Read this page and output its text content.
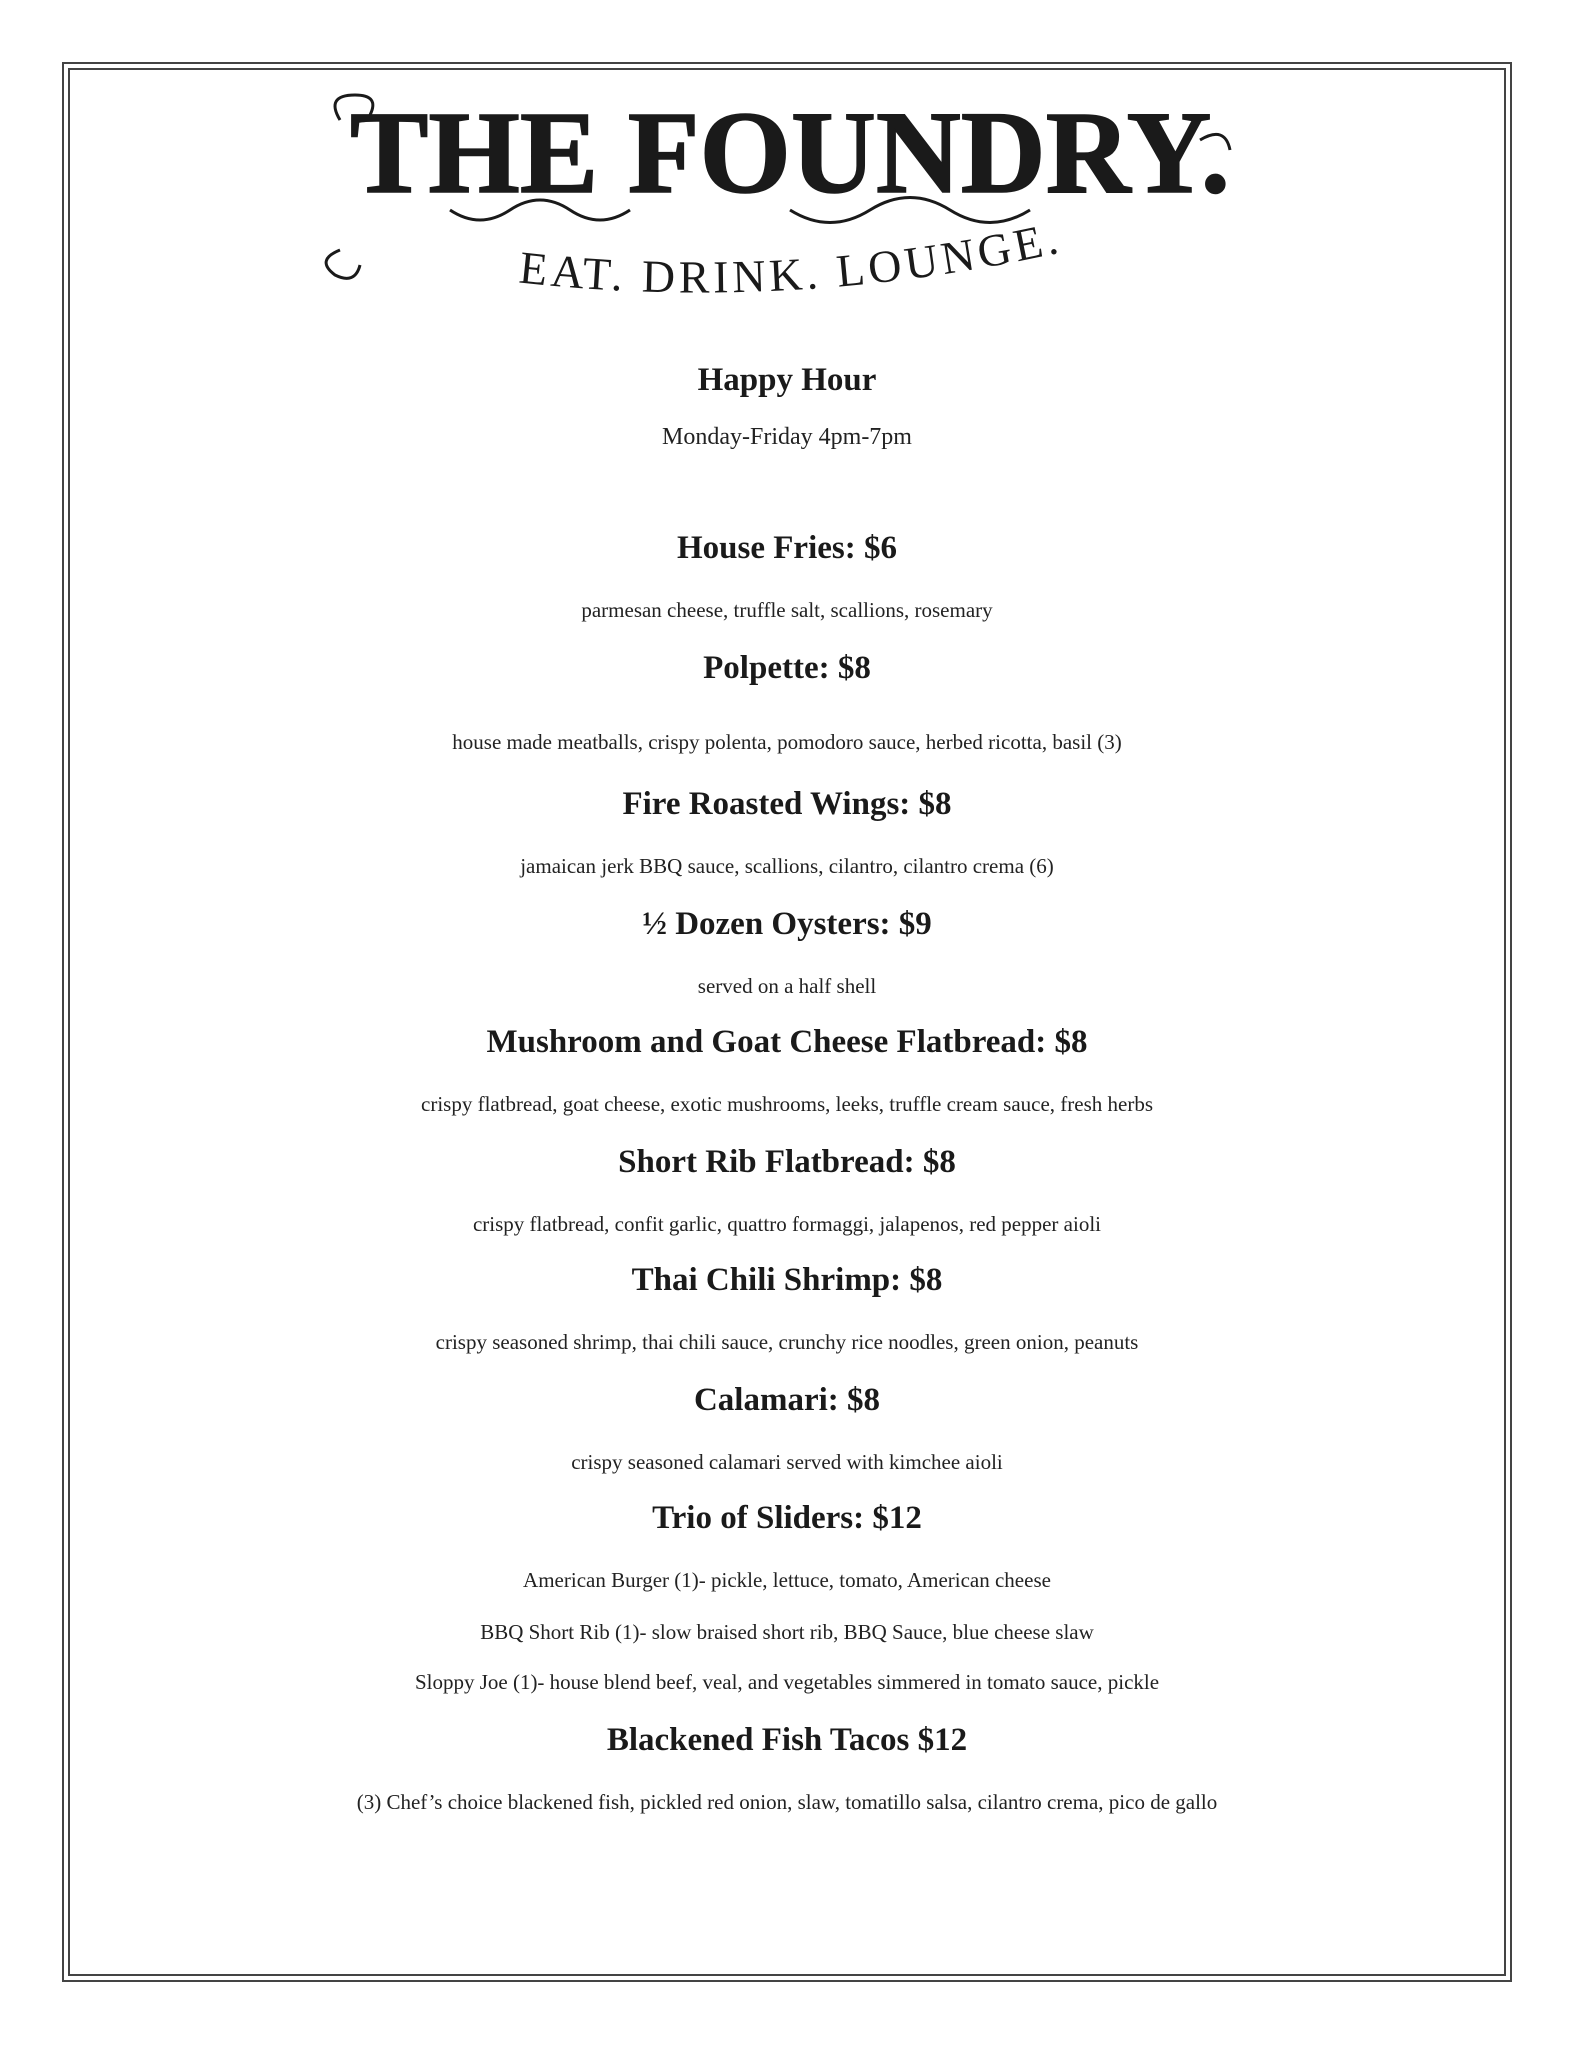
THE FOUNDRY.
EAT. DRINK. LOUNGE.
Happy Hour
Monday-Friday 4pm-7pm
House Fries: $6
parmesan cheese, truffle salt, scallions, rosemary
Polpette: $8
house made meatballs, crispy polenta, pomodoro sauce, herbed ricotta, basil (3)
Fire Roasted Wings: $8
jamaican jerk BBQ sauce, scallions, cilantro, cilantro crema (6)
½ Dozen Oysters: $9
served on a half shell
Mushroom and Goat Cheese Flatbread: $8
crispy flatbread, goat cheese, exotic mushrooms, leeks, truffle cream sauce, fresh herbs
Short Rib Flatbread: $8
crispy flatbread, confit garlic, quattro formaggi, jalapenos, red pepper aioli
Thai Chili Shrimp: $8
crispy seasoned shrimp, thai chili sauce, crunchy rice noodles, green onion, peanuts
Calamari: $8
crispy seasoned calamari served with kimchee aioli
Trio of Sliders: $12
American Burger (1)- pickle, lettuce, tomato, American cheese
BBQ Short Rib (1)- slow braised short rib, BBQ Sauce, blue cheese slaw
Sloppy Joe (1)- house blend beef, veal, and vegetables simmered in tomato sauce, pickle
Blackened Fish Tacos $12
(3) Chef’s choice blackened fish, pickled red onion, slaw, tomatillo salsa, cilantro crema, pico de gallo
